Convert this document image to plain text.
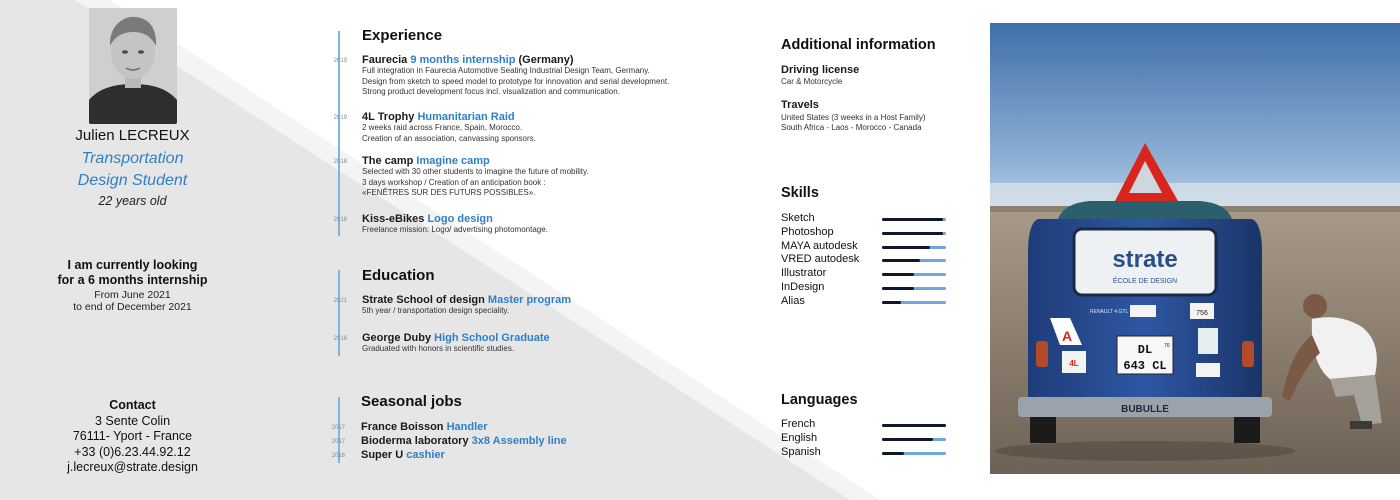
Julien LECREUX
Transportation
Design Student
22 years old
I am currently looking
for a 6 months internship
From June 2021
to end of December 2021
Contact
3 Sente Colin
76111- Yport - France
+33 (0)6.23.44.92.12
j.lecreux@strate.design
Experience
2019 Faurecia 9 months internship (Germany)
Full integration in Faurecia Automotive Seating Industrial Design Team, Germany.
Design from sketch to speed model to prototype for innovation and serial development.
Strong product development focus incl. visualization and communication.
2019 4L Trophy Humanitarian Raid
2 weeks raid across France, Spain, Morocco.
Creation of an association, canvassing sponsors.
2018 The camp Imagine camp
Selected with 30 other students to imagine the future of mobility.
3 days workshop / Creation of an anticipation book :
«FENÊTRES SUR DES FUTURS POSSIBLES».
2018 Kiss-eBikes Logo design
Freelance mission: Logo/ advertising photomontage.
Education
2021 Strate School of design Master program
5th year / transportation design speciality.
2016 George Duby High School Graduate
Graduated with honors in scientific studies.
Seasonal jobs
2017 France Boisson Handler
2017 Bioderma laboratory 3x8 Assembly line
2016 Super U cashier
Additional information
Driving license
Car & Motorcycle
Travels
United States (3 weeks in a Host Family)
South Africa - Laos - Morocco - Canada
Skills
Sketch
Photoshop
MAYA autodesk
VRED autodesk
Illustrator
InDesign
Alias
Languages
French
English
Spanish
strate
ÉCOLE DE DESIGN
A
4L
756
RENAULT 4 GTL
DL
643 CL
76
BUBULLE
